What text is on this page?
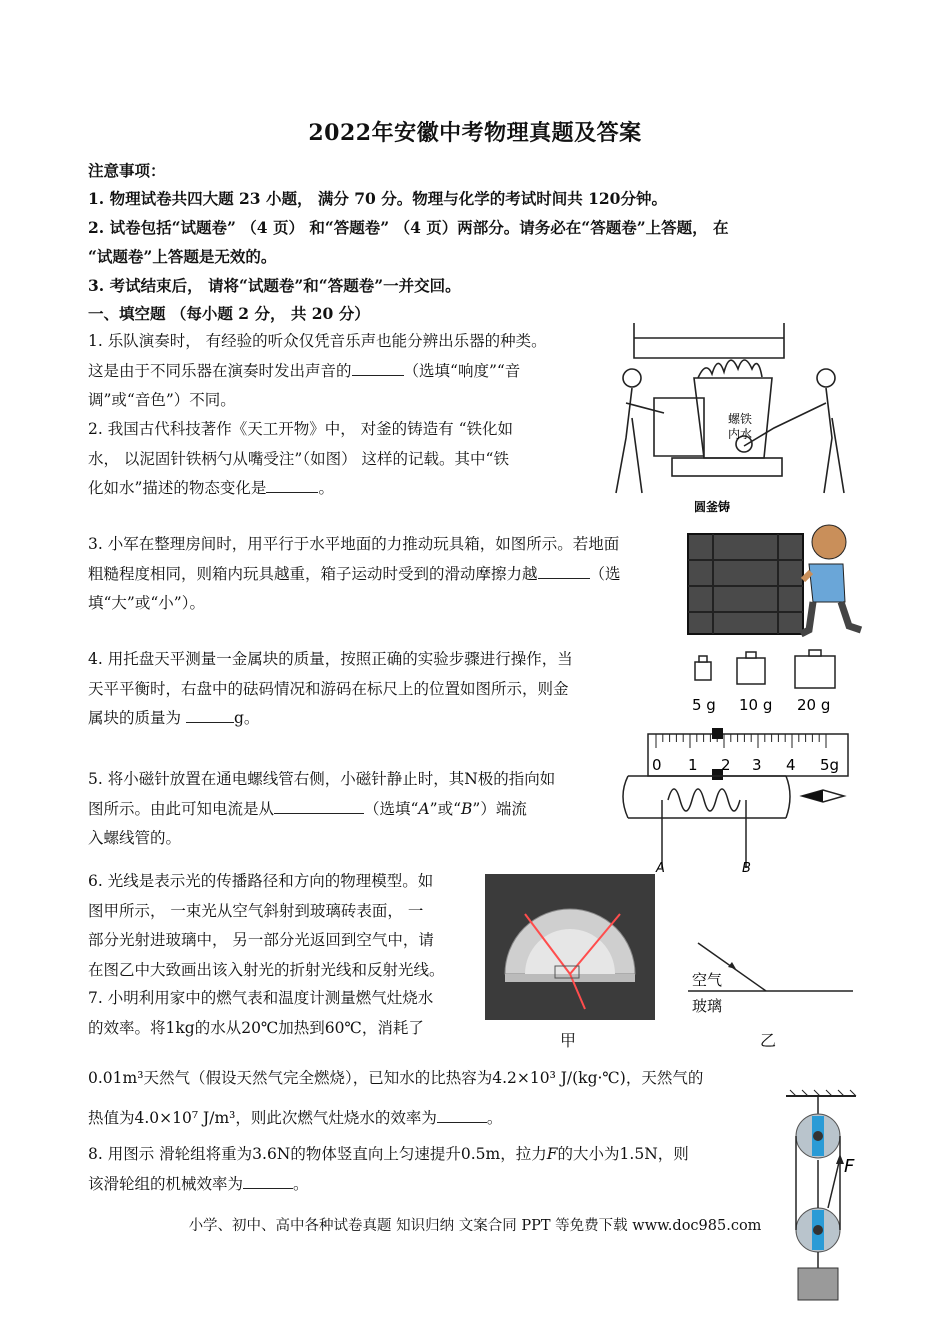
2022年安徽中考物理真题及答案
注意事项：
1. 物理试卷共四大题 23 小题， 满分 70 分。物理与化学的考试时间共 120分钟。
2. 试卷包括“试题卷” （4 页） 和“答题卷” （4 页）两部分。请务必在“答题卷”上答题， 在
“试题卷”上答题是无效的。
3. 考试结束后， 请将“试题卷”和“答题卷”一并交回。
一、填空题 （每小题 2 分， 共 20 分）
1. 乐队演奏时， 有经验的听众仅凭音乐声也能分辨出乐器的种类。
这是由于不同乐器在演奏时发出声音的	（选填“响度”“音
调”或“音色”）不同。
2. 我国古代科技著作《天工开物》中， 对釜的铸造有 “铁化如
水， 以泥固针铁柄勺从嘴受注”（如图） 这样的记载。其中“铁
化如水”描述的物态变化是	。
螺铁
内水
圆釜铸
3. 小军在整理房间时，用平行于水平地面的力推动玩具箱，如图所示。若地面
粗糙程度相同，则箱内玩具越重，箱子运动时受到的滑动摩擦力越	（选
填“大”或“小”）。
4. 用托盘天平测量一金属块的质量，按照正确的实验步骤进行操作，当
天平平衡时，右盘中的砝码情况和游码在标尺上的位置如图所示，则金
属块的质量为	g。
5 g 10 g 20 g
0 1 2 3 4 5g
5. 将小磁针放置在通电螺线管右侧，小磁针静止时，其N极的指向如
图所示。由此可知电流是从	（选填“A”或“B”）端流
入螺线管的。
A	B
6. 光线是表示光的传播路径和方向的物理模型。如
图甲所示， 一束光从空气斜射到玻璃砖表面， 一
部分光射进玻璃中， 另一部分光返回到空气中，请
在图乙中大致画出该入射光的折射光线和反射光线。
甲
空气
玻璃
乙
7. 小明利用家中的燃气表和温度计测量燃气灶烧水
的效率。将1kg的水从20℃加热到60℃，消耗了
0.01m³天然气（假设天然气完全燃烧），已知水的比热容为4.2×10³ J/(kg·℃)，天然气的
热值为4.0×10⁷ J/m³，则此次燃气灶烧水的效率为	。
8. 用图示 滑轮组将重为3.6N的物体竖直向上匀速提升0.5m，拉力F的大小为1.5N，则
该滑轮组的机械效率为	。
F
小学、初中、高中各种试卷真题 知识归纳 文案合同 PPT 等免费下载 www.doc985.com
